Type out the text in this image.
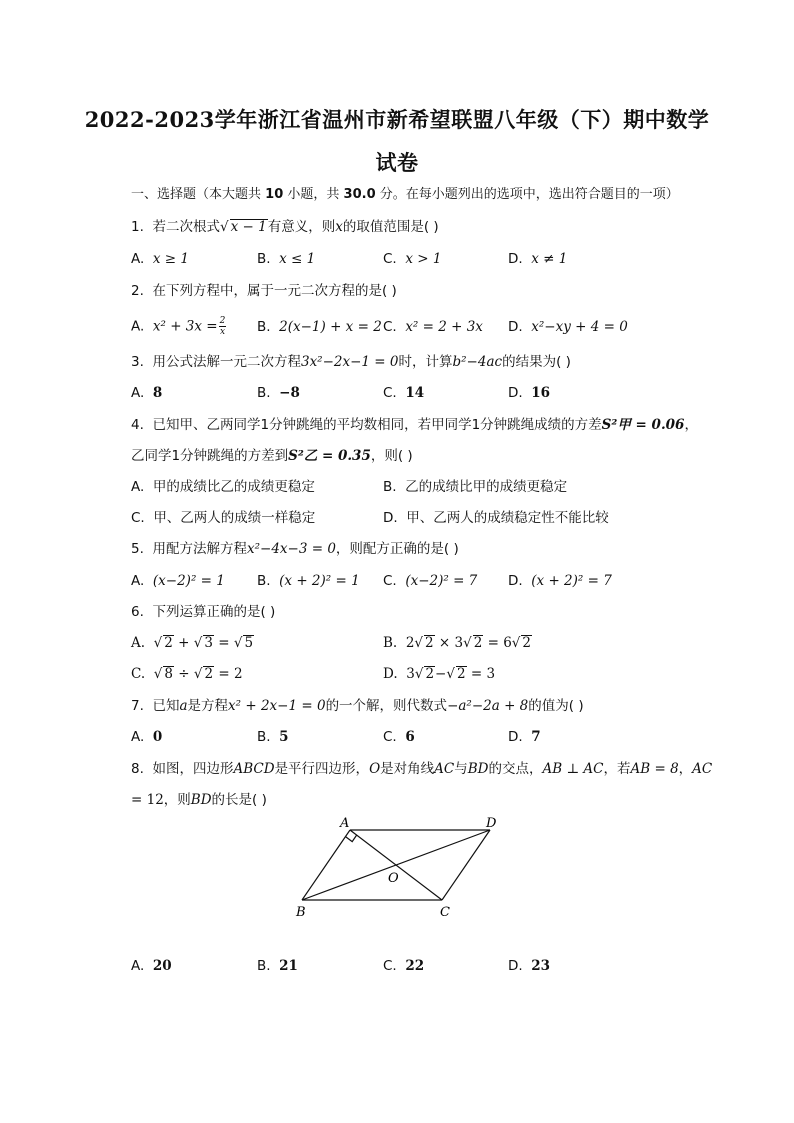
2022-2023学年浙江省温州市新希望联盟八年级（下）期中数学
试卷
一、选择题（本大题共 10 小题，共 30.0 分。在每小题列出的选项中，选出符合题目的一项）
1. 若二次根式√ x − 1有意义，则x的取值范围是( )
A. x ≥ 1	B. x ≤ 1	C. x > 1	D. x ≠ 1
2. 在下列方程中，属于一元二次方程的是( )
A. $x^2 + 3x = \frac{2}{x} B$. 2(x−1) + x = 2 C. x² = 2 + 3x D. x²−xy + 4 = 0
3. 用公式法解一元二次方程3x²−2x−1 = 0时，计算b²−4ac的结果为( )
A. 8	B. −8	C. 14	D. 16
4. 已知甲、乙两同学1分钟跳绳的平均数相同，若甲同学1分钟跳绳成绩的方差S²甲 = 0.06，
乙同学1分钟跳绳的方差到S²乙 = 0.35，则( )
A. 甲的成绩比乙的成绩更稳定	B. 乙的成绩比甲的成绩更稳定
C. 甲、乙两人的成绩一样稳定	D. 甲、乙两人的成绩稳定性不能比较
5. 用配方法解方程x²−4x−3 = 0，则配方正确的是( )
A. (x−2)² = 1 B. (x + 2)² = 1 C. (x−2)² = 7 D. (x + 2)² = 7
6. 下列运算正确的是( )
A. √ 2 + √ 3 = √ 5	B. 2√ 2 × 3√ 2 = 6√ 2
C. √ 8 ÷ √ 2 = 2	D. 3√ 2−√ 2 = 3
7. 已知a是方程x² + 2x−1 = 0的一个解，则代数式−a²−2a + 8的值为( )
A. 0	B. 5	C. 6	D. 7
8. 如图，四边形ABCD是平行四边形，O是对角线AC与BD的交点，AB ⊥ AC，若AB = 8，AC
= 12，则BD的长是( )
A	D
B	C
O
A. 20	B. 21	C. 22	D. 23
